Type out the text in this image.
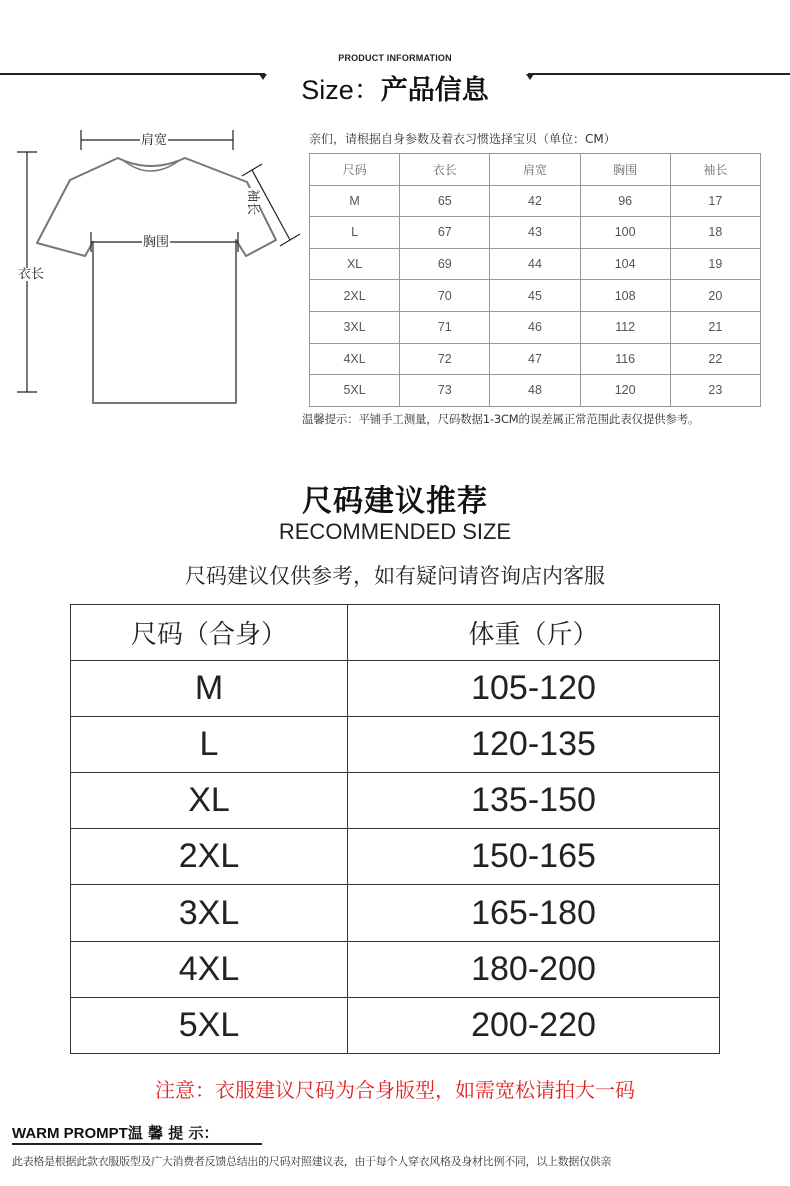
PRODUCT INFORMATION
Size：产品信息
肩宽
胸围
衣长
袖长
亲们，请根据自身参数及着衣习惯选择宝贝（单位：CM）
尺码	衣长	肩宽	胸围	袖长
M	65	42	96	17
L	67	43	100	18
XL	69	44	104	19
2XL	70	45	108	20
3XL	71	46	112	21
4XL	72	47	116	22
5XL	73	48	120	23
温馨提示：平铺手工测量，尺码数据1-3CM的误差属正常范围此表仅提供参考。
尺码建议推荐
RECOMMENDED SIZE
尺码建议仅供参考，如有疑问请咨询店内客服
尺码（合身）	体重（斤）
M	105-120
L	120-135
XL	135-150
2XL	150-165
3XL	165-180
4XL	180-200
5XL	200-220
注意：衣服建议尺码为合身版型，如需宽松请拍大一码
WARM PROMPT温 馨 提 示：
此表格是根据此款衣服版型及广大消费者反馈总结出的尺码对照建议表，由于每个人穿衣风格及身材比例不同，以上数据仅供亲
